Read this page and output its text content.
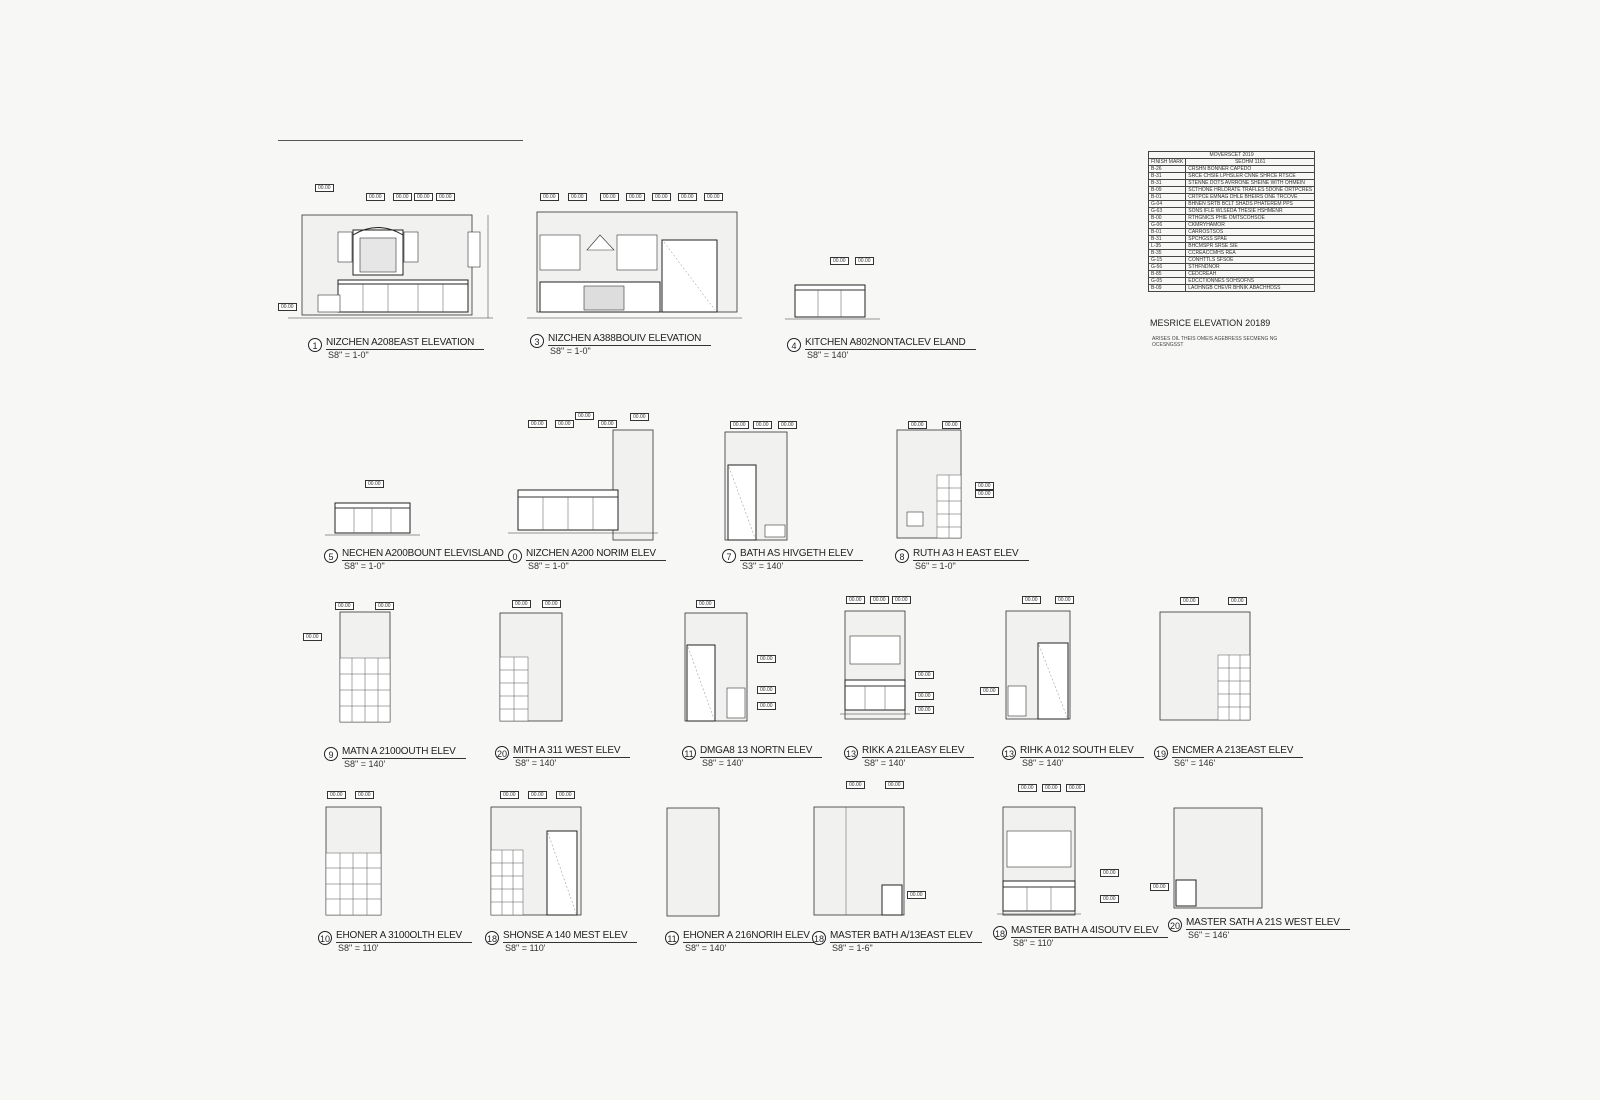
MOVERSCET 2019	
FINISH MARK	SEOHM 1161
B-26	CRSHN BONNER CAPEDO
B-31	SRCE CHSIE LPHSLER CNNE SHRCE RTSCE
B-31	STENNE DOTS AVRRONE SHEINE WITH OHMEIN
B-09	SCTHONE HRLDRATE TRAFLES 5DONE ORTPCRES
B-01	CRTPCE EMNAG DHLE BHEIRS ONE TRCOVE
G-04	BHNEN SRTB BCLT SHADS PHATEREM PPS
G-63	SONS IFLE WLSEDA THESIE HSHMENR
B-00	RTHGNICS PHIE OMTSCOHSOE
G-06	CKMRYHAMOR
B-01	CARROSTSOS
B-31	SPCHGSS SPAE
L-35	BHCMSPR SRSE SIE
B-35	CCREACCMHS REA
G-15	CONHTTLS SFSOE
G-56	STHFNDNOR
B-85	CEDCREAH
G-05	EDCCTIONNES SOHSOFNS
B-09	LAOHNGB CHEVR BHNIK ABACHHDSS
MESRICE ELEVATION 20189
ARISES OIL THEIS OMEIS AGEBRESS SECMENG NG OCESNGSST
1 NIZCHEN A208EAST ELEVATION
S8" = 1-0"
3 NIZCHEN A388BOUIV ELEVATION
S8" = 1-0"	4 KITCHEN A802NONTACLEV ELAND
S8" = 140'
5 NECHEN A200BOUNT ELEVISLAND
S8" = 1-0"
0 NIZCHEN A200 NORIM ELEV
S8" = 1-0"
7 BATH AS HIVGETH ELEV
S3" = 140'
8 RUTH A3 H EAST ELEV
S6" = 1-0"
9 MATN A 2100OUTH ELEV
S8" = 140'
20 MITH A 311 WEST ELEV
S8" = 140'
11 DMGA8 13 NORTN ELEV
S8" = 140'
13 RIKK A 21LEASY ELEV
S8" = 140'
13 RIHK A 012 SOUTH ELEV
S8" = 140'
19 ENCMER A 213EAST ELEV
S6" = 146'
10 EHONER A 3100OLTH ELEV
S8" = 110'
18 SHONSE A 140 MEST ELEV
S8" = 110'
11 EHONER A 216NORIH ELEV
S8" = 140'
18 MASTER BATH A/13EAST ELEV
S8" = 1-6"
18 MASTER BATH A 4ISOUTV ELEV
S8" = 110'
20 MASTER SATH A 21S WEST ELEV
S6" = 146'
00.00
00.00	00.00	00.00	00.00
00.00
00.00	00.00	00.00	00.00	00.00	00.00	00.00
00.00	00.00
00.00
00.00	00.00
00.00
00.00
00.00
00.00	00.00	00.00	00.00	00.00
00.00
00.00
00.00	00.00
00.00
00.00	00.00	00.00
00.00
00.00
00.00
00.00	00.00	00.00
00.00
00.00
00.00
00.00	00.00
00.00
00.00	00.00
00.00	00.00	00.00	00.00	00.00
00.00	00.00
00.00
00.00	00.00	00.00
00.00
00.00
00.00
